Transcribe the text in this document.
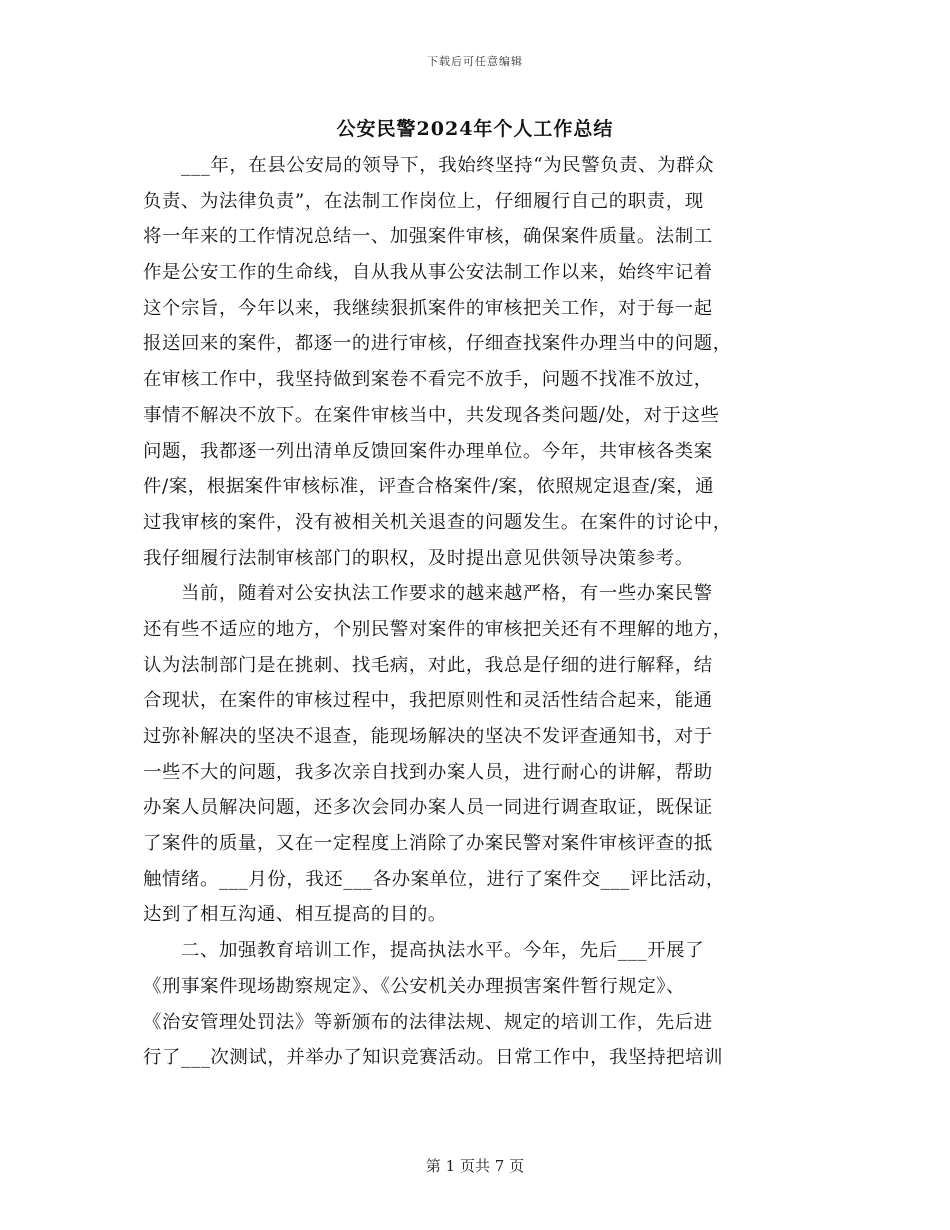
下载后可任意编辑
公安民警2024年个人工作总结
　　___年，在县公安局的领导下，我始终坚持“为民警负责、为群众
负责、为法律负责”，在法制工作岗位上，仔细履行自己的职责，现
将一年来的工作情况总结一、加强案件审核，确保案件质量。法制工
作是公安工作的生命线，自从我从事公安法制工作以来，始终牢记着
这个宗旨，今年以来，我继续狠抓案件的审核把关工作，对于每一起
报送回来的案件，都逐一的进行审核，仔细查找案件办理当中的问题，
在审核工作中，我坚持做到案卷不看完不放手，问题不找准不放过，
事情不解决不放下。在案件审核当中，共发现各类问题/处，对于这些
问题，我都逐一列出清单反馈回案件办理单位。今年，共审核各类案
件/案，根据案件审核标准，评查合格案件/案，依照规定退查/案，通
过我审核的案件，没有被相关机关退查的问题发生。在案件的讨论中，
我仔细履行法制审核部门的职权，及时提出意见供领导决策参考。
　　当前，随着对公安执法工作要求的越来越严格，有一些办案民警
还有些不适应的地方，个别民警对案件的审核把关还有不理解的地方，
认为法制部门是在挑刺、找毛病，对此，我总是仔细的进行解释，结
合现状，在案件的审核过程中，我把原则性和灵活性结合起来，能通
过弥补解决的坚决不退查，能现场解决的坚决不发评查通知书，对于
一些不大的问题，我多次亲自找到办案人员，进行耐心的讲解，帮助
办案人员解决问题，还多次会同办案人员一同进行调查取证，既保证
了案件的质量，又在一定程度上消除了办案民警对案件审核评查的抵
触情绪。___月份，我还___各办案单位，进行了案件交___评比活动，
达到了相互沟通、相互提高的目的。
　　二、加强教育培训工作，提高执法水平。今年，先后___开展了
《刑事案件现场勘察规定》、《公安机关办理损害案件暂行规定》、
《治安管理处罚法》等新颁布的法律法规、规定的培训工作，先后进
行了___次测试，并举办了知识竞赛活动。日常工作中，我坚持把培训
第 1 页共 7 页
